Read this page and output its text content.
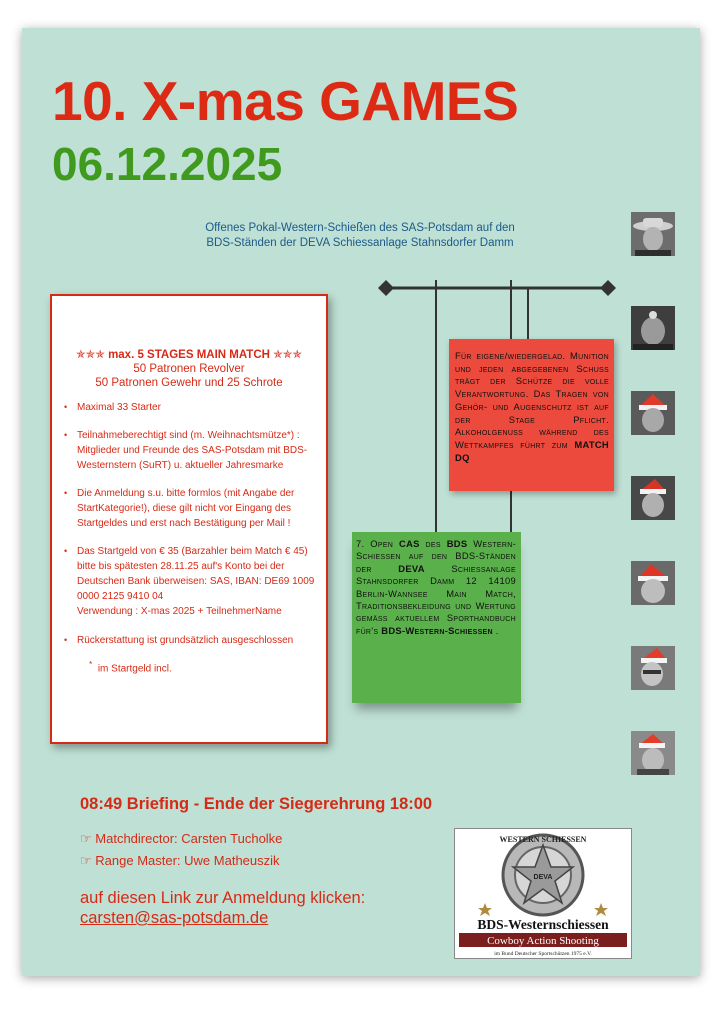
10. X-mas GAMES
06.12.2025
Offenes Pokal-Western-Schießen des SAS-Potsdam auf den
BDS-Ständen der DEVA Schiessanlage Stahnsdorfer Damm
✯✯✯ max. 5 STAGES MAIN MATCH ✯✯✯
50 Patronen Revolver
50 Patronen Gewehr und 25 Schrote
• Maximal 33 Starter
• Teilnahmeberechtigt sind (m. Weihnachtsmütze*) : Mitglieder und Freunde des SAS-Potsdam mit BDS-Westernstern (SuRT) u. aktueller Jahresmarke
• Die Anmeldung s.u. bitte formlos (mit Angabe der StartKategorie!), diese gilt nicht vor Eingang des Startgeldes und erst nach Bestätigung per Mail !
• Das Startgeld von € 35 (Barzahler beim Match € 45) bitte bis spätesten 28.11.25 auf's Konto bei der Deutschen Bank überweisen: SAS, IBAN: DE69 1009 0000 2125 9410 04
Verwendung : X-mas 2025 + TeilnehmerName
• Rückerstattung ist grundsätzlich ausgeschlossen
* im Startgeld incl.
Für eigene/wiedergelad. Munition und jeden abgegebenen Schuss trägt der Schütze die volle Verantwortung. Das Tragen von Gehör- und Augenschutz ist auf der Stage Pflicht. Alkoholgenuss während des Wettkampfes führt zum MATCH DQ
7. Open CAS des BDS Western-Schiessen auf den BDS-Ständen der DEVA Schiessanlage Stahnsdorfer Damm 12 14109 Berlin-Wannsee Main Match, Traditionsbekleidung und Wertung gemäss aktuellem Sporthandbuch für's BDS-Western-Schiessen .
08:49 Briefing - Ende der Siegerehrung 18:00
☞ Matchdirector: Carsten Tucholke
☞ Range Master: Uwe Matheuszik
auf diesen Link zur Anmeldung klicken:
carsten@sas-potsdam.de
WESTERN SCHIESSEN
DEVA
BDS-Westernschiessen
Cowboy Action Shooting
im Bund Deutscher Sportschützen 1975 e.V.
